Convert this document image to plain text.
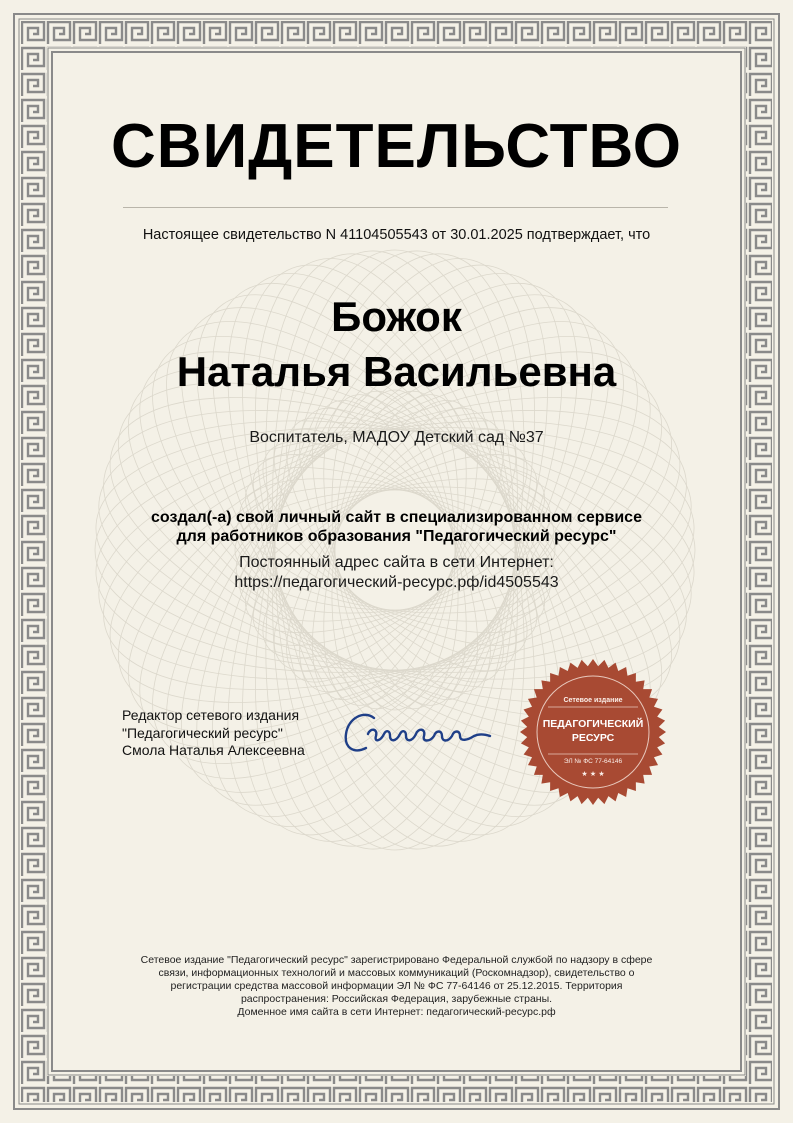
СВИДЕТЕЛЬСТВО
Настоящее свидетельство N 41104505543 от 30.01.2025 подтверждает, что
Божок
Наталья Васильевна
Воспитатель, МАДОУ Детский сад №37
создал(-а) свой личный сайт в специализированном сервисе
для работников образования "Педагогический ресурс"
Постоянный адрес сайта в сети Интернет:
https://педагогический-ресурс.рф/id4505543
Редактор сетевого издания
"Педагогический ресурс"
Смола Наталья Алексеевна
Сетевое издание
ПЕДАГОГИЧЕСКИЙ
РЕСУРС
ЭЛ № ФС 77-64146
★ ★ ★
Сетевое издание "Педагогический ресурс" зарегистрировано Федеральной службой по надзору в сфере
связи, информационных технологий и массовых коммуникаций (Роскомнадзор), свидетельство о
регистрации средства массовой информации ЭЛ № ФС 77-64146 от 25.12.2015. Территория
распространения: Российская Федерация, зарубежные страны.
Доменное имя сайта в сети Интернет: педагогический-ресурс.рф
